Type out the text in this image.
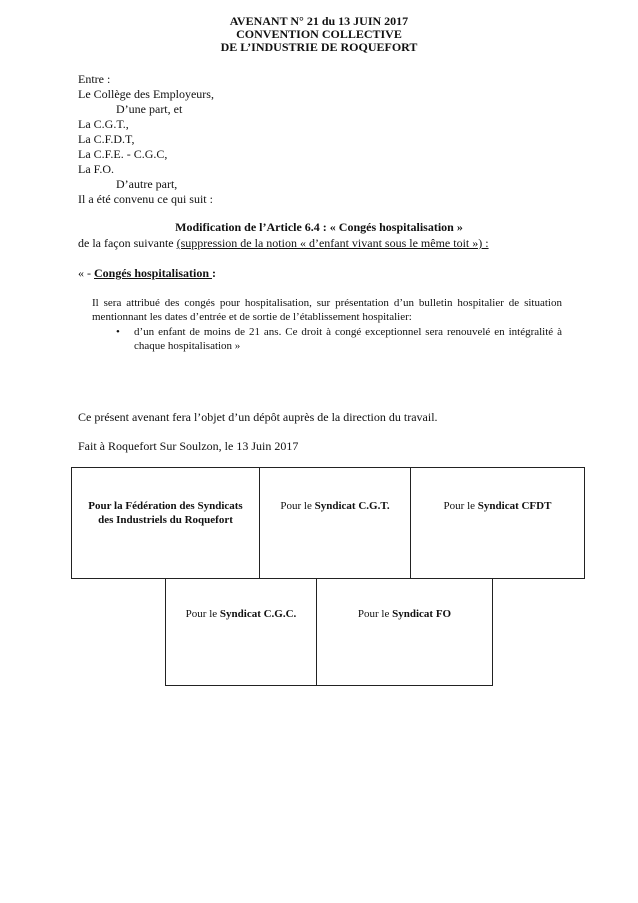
AVENANT N° 21 du 13 JUIN 2017
CONVENTION COLLECTIVE
DE L’INDUSTRIE DE ROQUEFORT
Entre :
Le Collège des Employeurs,
D’une part, et
La C.G.T.,
La C.F.D.T,
La C.F.E. - C.G.C,
La F.O.
D’autre part,
Il a été convenu ce qui suit :
Modification de l’Article 6.4 : « Congés hospitalisation »
de la façon suivante (suppression de la notion « d’enfant vivant sous le même toit ») :
« - Congés hospitalisation :
Il sera attribué des congés pour hospitalisation, sur présentation d’un bulletin hospitalier de situation mentionnant les dates d’entrée et de sortie de l’établissement hospitalier:
• d’un enfant de moins de 21 ans. Ce droit à congé exceptionnel sera renouvelé en intégralité à chaque hospitalisation »
Ce présent avenant fera l’objet d’un dépôt auprès de la direction du travail.
Fait à Roquefort Sur Soulzon, le 13 Juin 2017
Pour la Fédération des Syndicats des Industriels du Roquefort
Pour le Syndicat C.G.T.	Pour le Syndicat CFDT
Pour le Syndicat C.G.C.	Pour le Syndicat FO
